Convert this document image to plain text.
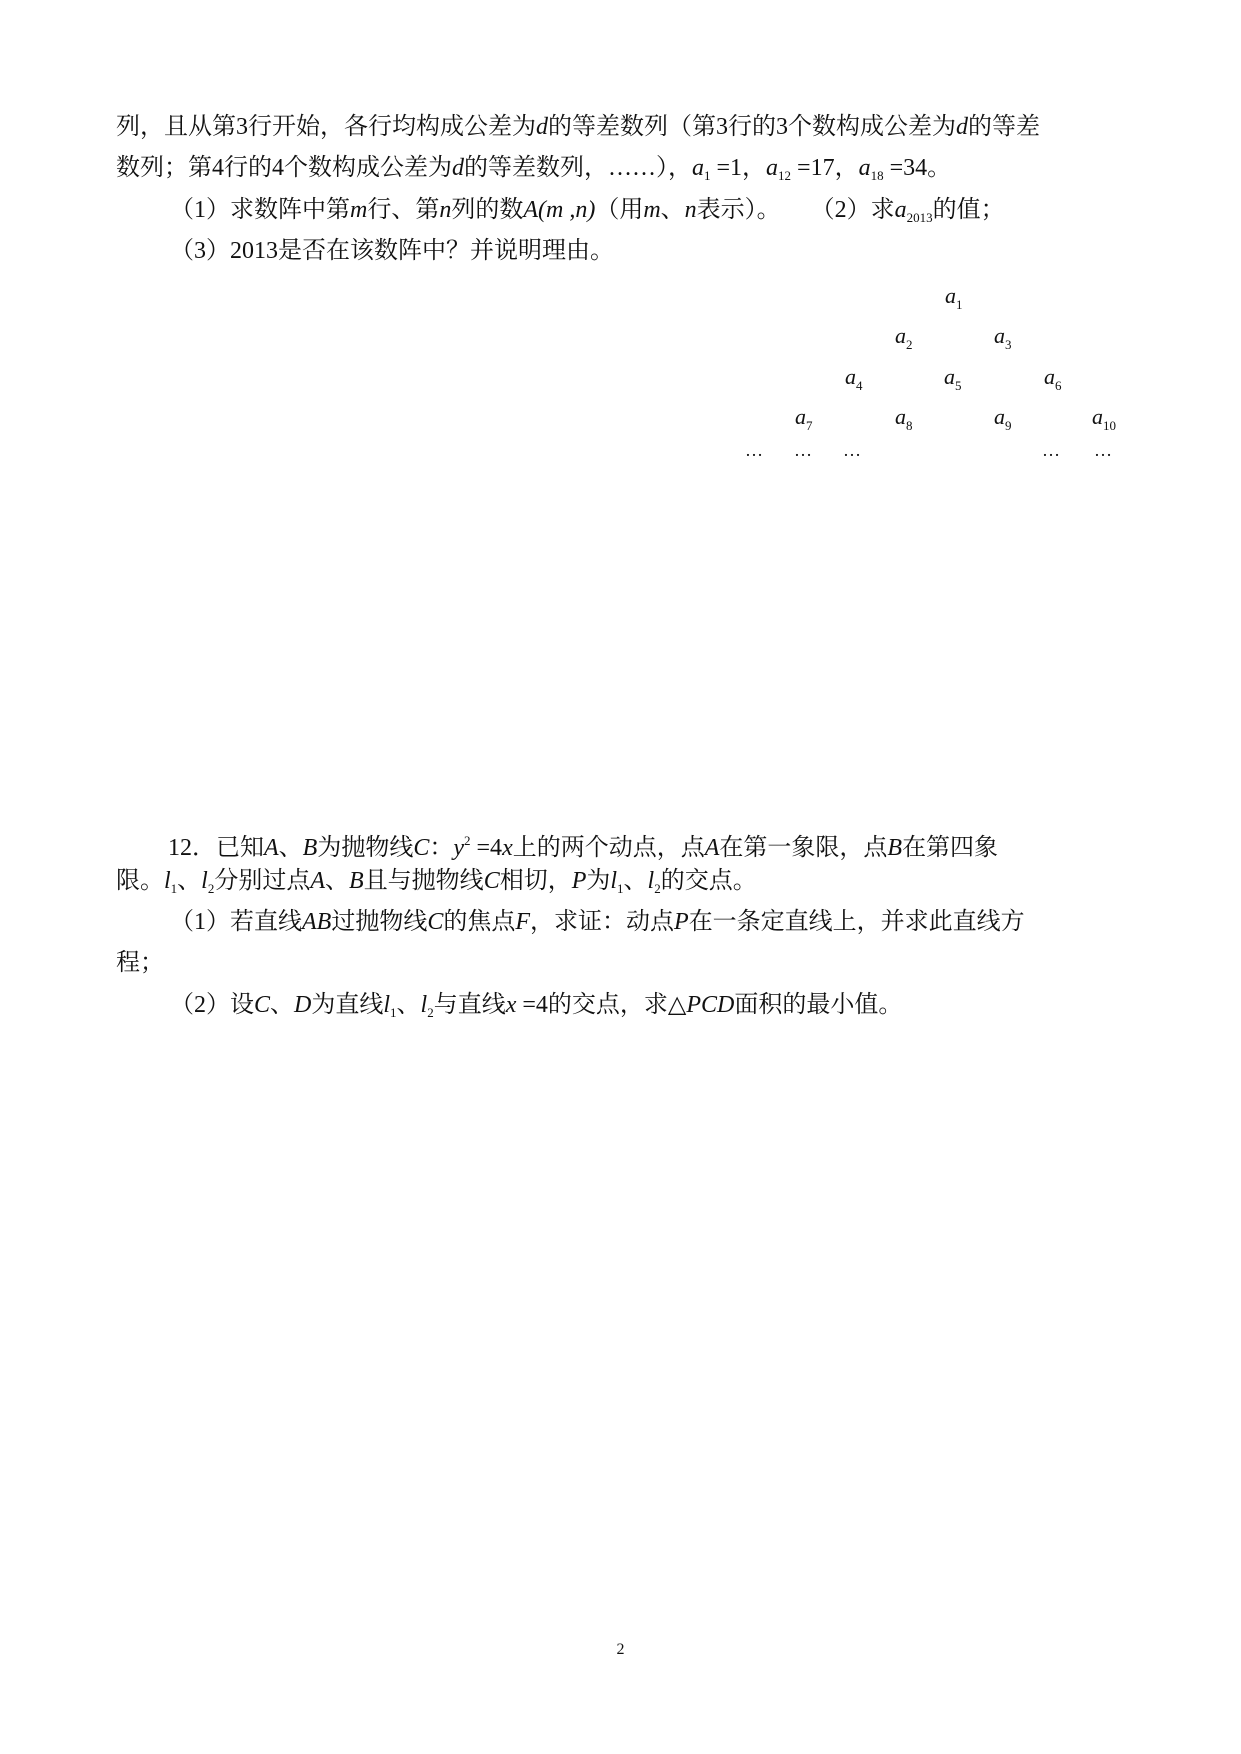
列，且从第3行开始，各行均构成公差为d的等差数列（第3行的3个数构成公差为d的等差
数列；第4行的4个数构成公差为d的等差数列，……），$a_1 =1$，$a_{12} =17$，$a_{18} =34$。
（1）求数阵中第m行、第n列的数A(m ,n)（用m、n表示）。 （2）求$a_{2013}$的值；
（3）2013是否在该数阵中？并说明理由。
$a_1$
$a_2$	$a_3$
$a_4$	$a_5$	$a_6$
$a_7$	$a_8$	$a_9$	$a_{10}$
… … …	… …
12．已知A、B为抛物线C：$y^2 =4x$上的两个动点，点A在第一象限，点B在第四象
限。$l_1$、$l_2$分别过点A、B且与抛物线C相切，P为$l_1$、$l_2$的交点。
（1）若直线AB过抛物线C的焦点F，求证：动点P在一条定直线上，并求此直线方
程；
（2）设C、D为直线$l_1$、$l_2$与直线x =4的交点，求△PCD面积的最小值。
2
